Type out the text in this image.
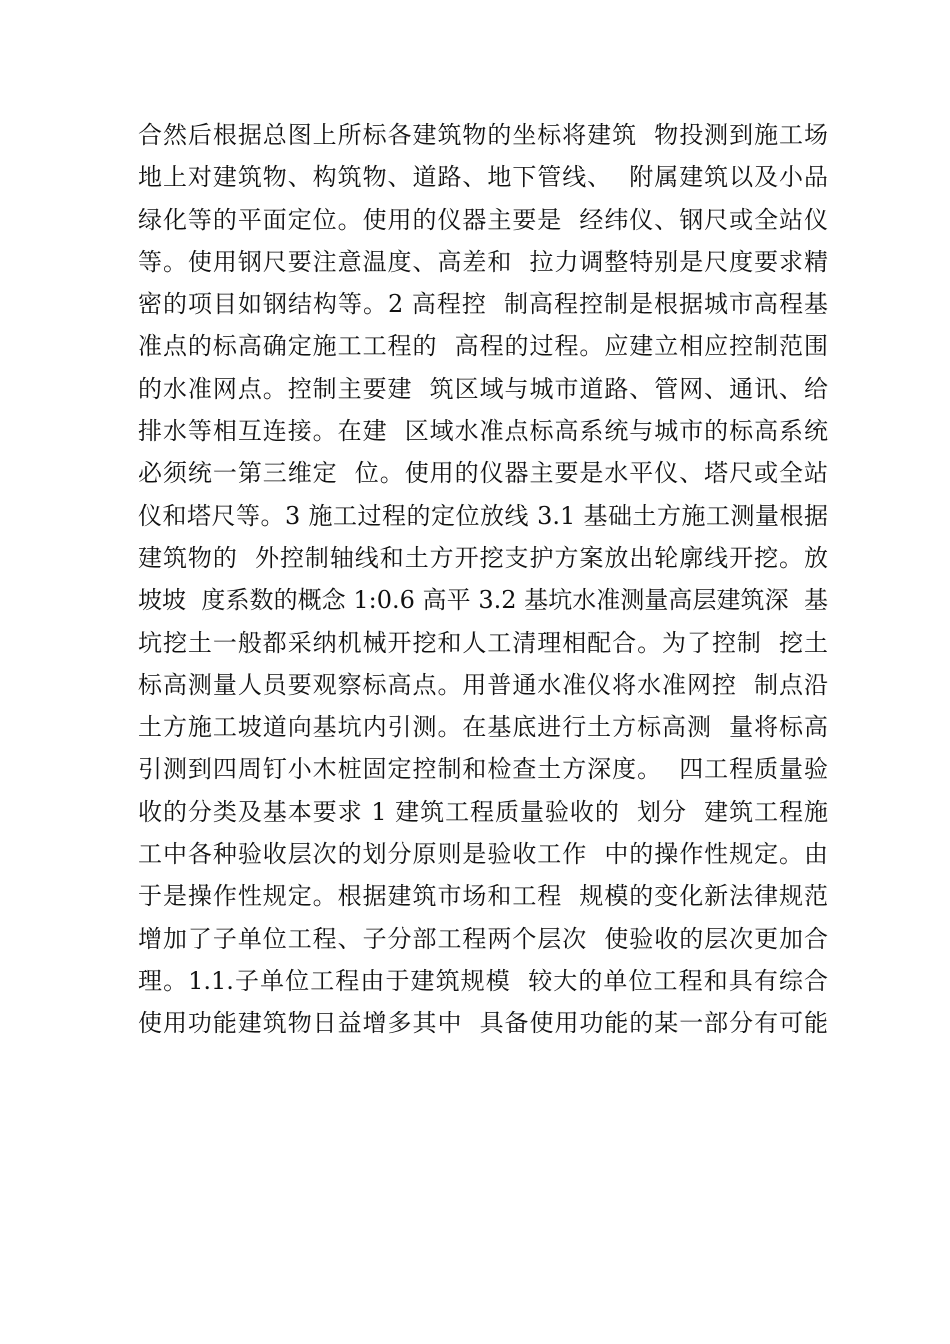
合然后根据总图上所标各建筑物的坐标将建筑  物投测到施工场
地上对建筑物、构筑物、道路、地下管线、  附属建筑以及小品
绿化等的平面定位。使用的仪器主要是  经纬仪、钢尺或全站仪
等。使用钢尺要注意温度、高差和  拉力调整特别是尺度要求精
密的项目如钢结构等。2 高程控  制高程控制是根据城市高程基
准点的标高确定施工工程的  高程的过程。应建立相应控制范围
的水准网点。控制主要建  筑区域与城市道路、管网、通讯、给
排水等相互连接。在建  区域水准点标高系统与城市的标高系统
必须统一第三维定  位。使用的仪器主要是水平仪、塔尺或全站
仪和塔尺等。3 施工过程的定位放线 3.1 基础土方施工测量根据
建筑物的  外控制轴线和土方开挖支护方案放出轮廓线开挖。放
坡坡  度系数的概念 1:0.6 高平 3.2 基坑水准测量高层建筑深  基
坑挖土一般都采纳机械开挖和人工清理相配合。为了控制  挖土
标高测量人员要观察标高点。用普通水准仪将水准网控  制点沿
土方施工坡道向基坑内引测。在基底进行土方标高测  量将标高
引测到四周钉小木桩固定控制和检查土方深度。  四工程质量验
收的分类及基本要求 1 建筑工程质量验收的  划分  建筑工程施
工中各种验收层次的划分原则是验收工作  中的操作性规定。由
于是操作性规定。根据建筑市场和工程  规模的变化新法律规范
增加了子单位工程、子分部工程两个层次  使验收的层次更加合
理。1.1.子单位工程由于建筑规模  较大的单位工程和具有综合
使用功能建筑物日益增多其中  具备使用功能的某一部分有可能
